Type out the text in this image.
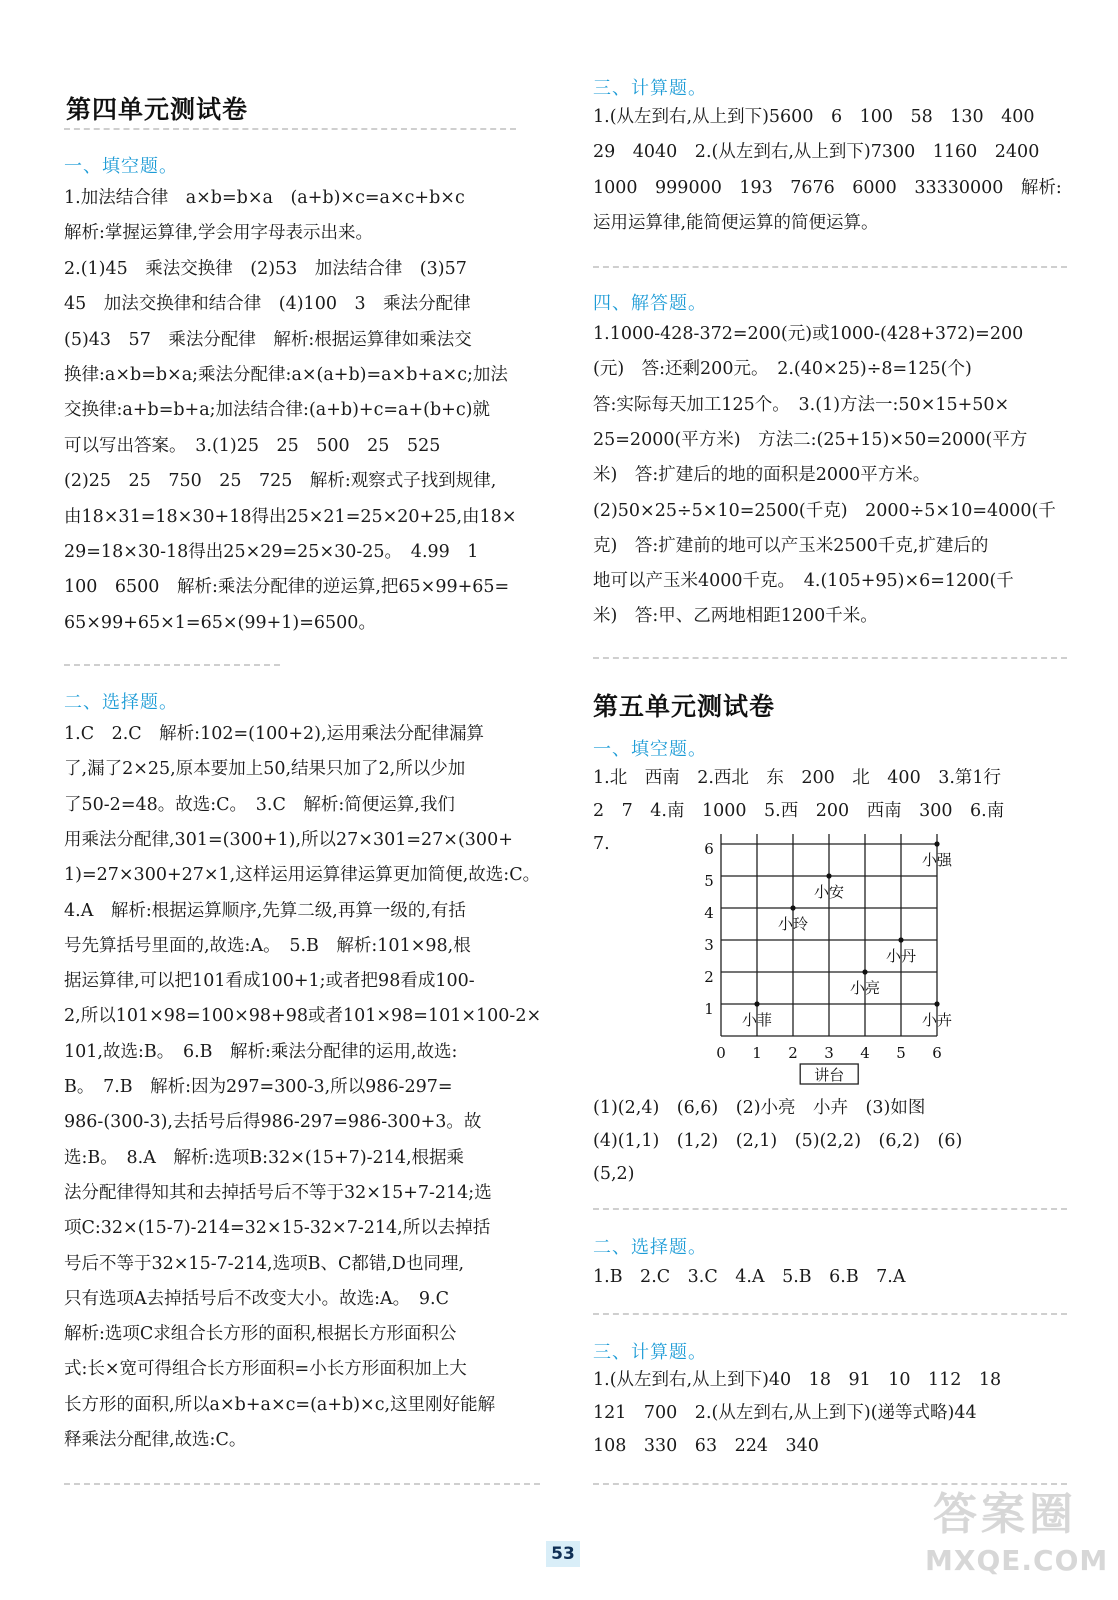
第四单元测试卷
一、填空题。
1.加法结合律　a×b=b×a　(a+b)×c=a×c+b×c
解析:掌握运算律,学会用字母表示出来。
2.(1)45　乘法交换律　(2)53　加法结合律　(3)57
45　加法交换律和结合律　(4)100　3　乘法分配律
(5)43　57　乘法分配律　解析:根据运算律如乘法交
换律:a×b=b×a;乘法分配律:a×(a+b)=a×b+a×c;加法
交换律:a+b=b+a;加法结合律:(a+b)+c=a+(b+c)就
可以写出答案。　3.(1)25　25　500　25　525
(2)25　25　750　25　725　解析:观察式子找到规律,
由18×31=18×30+18得出25×21=25×20+25,由18×
29=18×30-18得出25×29=25×30-25。　4.99　1
100　6500　解析:乘法分配律的逆运算,把65×99+65=
65×99+65×1=65×(99+1)=6500。
二、选择题。
1.C　2.C　解析:102=(100+2),运用乘法分配律漏算
了,漏了2×25,原本要加上50,结果只加了2,所以少加
了50-2=48。故选:C。　3.C　解析:简便运算,我们
用乘法分配律,301=(300+1),所以27×301=27×(300+
1)=27×300+27×1,这样运用运算律运算更加简便,故选:C。
4.A　解析:根据运算顺序,先算二级,再算一级的,有括
号先算括号里面的,故选:A。　5.B　解析:101×98,根
据运算律,可以把101看成100+1;或者把98看成100-
2,所以101×98=100×98+98或者101×98=101×100-2×
101,故选:B。　6.B　解析:乘法分配律的运用,故选:
B。　7.B　解析:因为297=300-3,所以986-297=
986-(300-3),去括号后得986-297=986-300+3。故
选:B。　8.A　解析:选项B:32×(15+7)-214,根据乘
法分配律得知其和去掉括号后不等于32×15+7-214;选
项C:32×(15-7)-214=32×15-32×7-214,所以去掉括
号后不等于32×15-7-214,选项B、C都错,D也同理,
只有选项A去掉括号后不改变大小。故选:A。　9.C
解析:选项C求组合长方形的面积,根据长方形面积公
式:长×宽可得组合长方形面积=小长方形面积加上大
长方形的面积,所以a×b+a×c=(a+b)×c,这里刚好能解
释乘法分配律,故选:C。
三、计算题。
1.(从左到右,从上到下)5600　6　100　58　130　400
29　4040　2.(从左到右,从上到下)7300　1160　2400
1000　999000　193　7676　6000　33330000　解析:
运用运算律,能简便运算的简便运算。
四、解答题。
1.1000-428-372=200(元)或1000-(428+372)=200
(元)　答:还剩200元。　2.(40×25)÷8=125(个)
答:实际每天加工125个。　3.(1)方法一:50×15+50×
25=2000(平方米)　方法二:(25+15)×50=2000(平方
米)　答:扩建后的地的面积是2000平方米。
(2)50×25÷5×10=2500(千克)　2000÷5×10=4000(千
克)　答:扩建前的地可以产玉米2500千克,扩建后的
地可以产玉米4000千克。　4.(105+95)×6=1200(千
米)　答:甲、乙两地相距1200千米。
第五单元测试卷
一、填空题。
1.北　西南　2.西北　东　200　北　400　3.第1行
2　7　4.南　1000　5.西　200　西南　300　6.南
7.
(1)(2,4)　(6,6)　(2)小亮　小卉　(3)如图
(4)(1,1)　(1,2)　(2,1)　(5)(2,2)　(6,2)　(6)
(5,2)
二、选择题。
1.B　2.C　3.C　4.A　5.B　6.B　7.A
三、计算题。
1.(从左到右,从上到下)40　18　91　10　112　18
121　700　2.(从左到右,从上到下)(递等式略)44
108　330　63　224　340
0 1 2 3 4 5 6
1
2
3
4
5
6
小强
小安
小玲
小丹
小亮
小菲	小卉
讲台
53
答案圈
MXQE.COM
